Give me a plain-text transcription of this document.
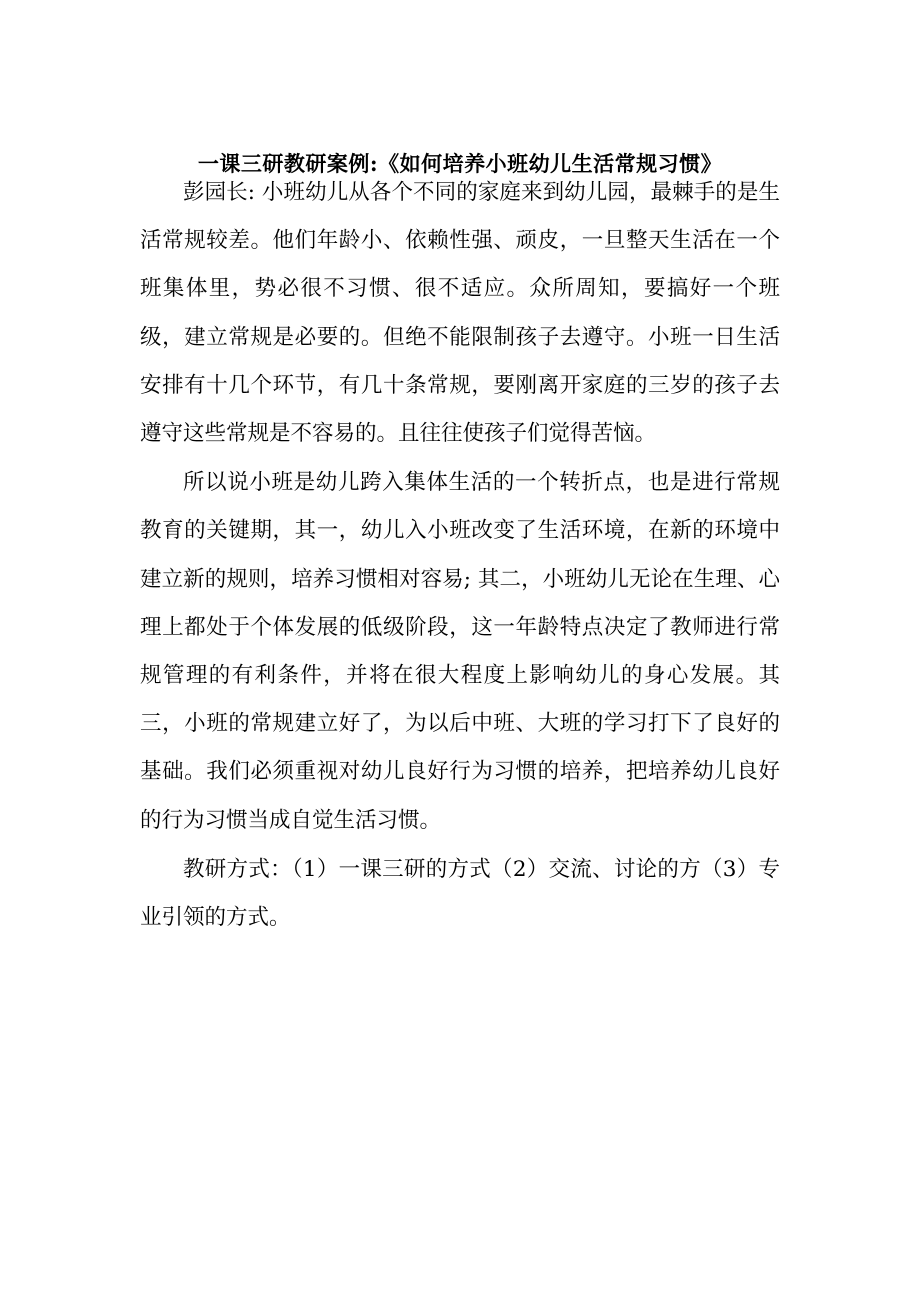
一课三研教研案例:《如何培养小班幼儿生活常规习惯》

彭园长: 小班幼儿从各个不同的家庭来到幼儿园，最棘手的是生活常规较差。他们年龄小、依赖性强、顽皮，一旦整天生活在一个班集体里，势必很不习惯、很不适应。众所周知，要搞好一个班级，建立常规是必要的。但绝不能限制孩子去遵守。小班一日生活安排有十几个环节，有几十条常规，要刚离开家庭的三岁的孩子去遵守这些常规是不容易的。且往往使孩子们觉得苦恼。

所以说小班是幼儿跨入集体生活的一个转折点，也是进行常规教育的关键期，其一，幼儿入小班改变了生活环境，在新的环境中建立新的规则，培养习惯相对容易; 其二，小班幼儿无论在生理、心理上都处于个体发展的低级阶段，这一年龄特点决定了教师进行常规管理的有利条件，并将在很大程度上影响幼儿的身心发展。其三，小班的常规建立好了，为以后中班、大班的学习打下了良好的基础。我们必须重视对幼儿良好行为习惯的培养，把培养幼儿良好的行为习惯当成自觉生活习惯。

教研方式：（1）一课三研的方式（2）交流、讨论的方（3）专业引领的方式。
